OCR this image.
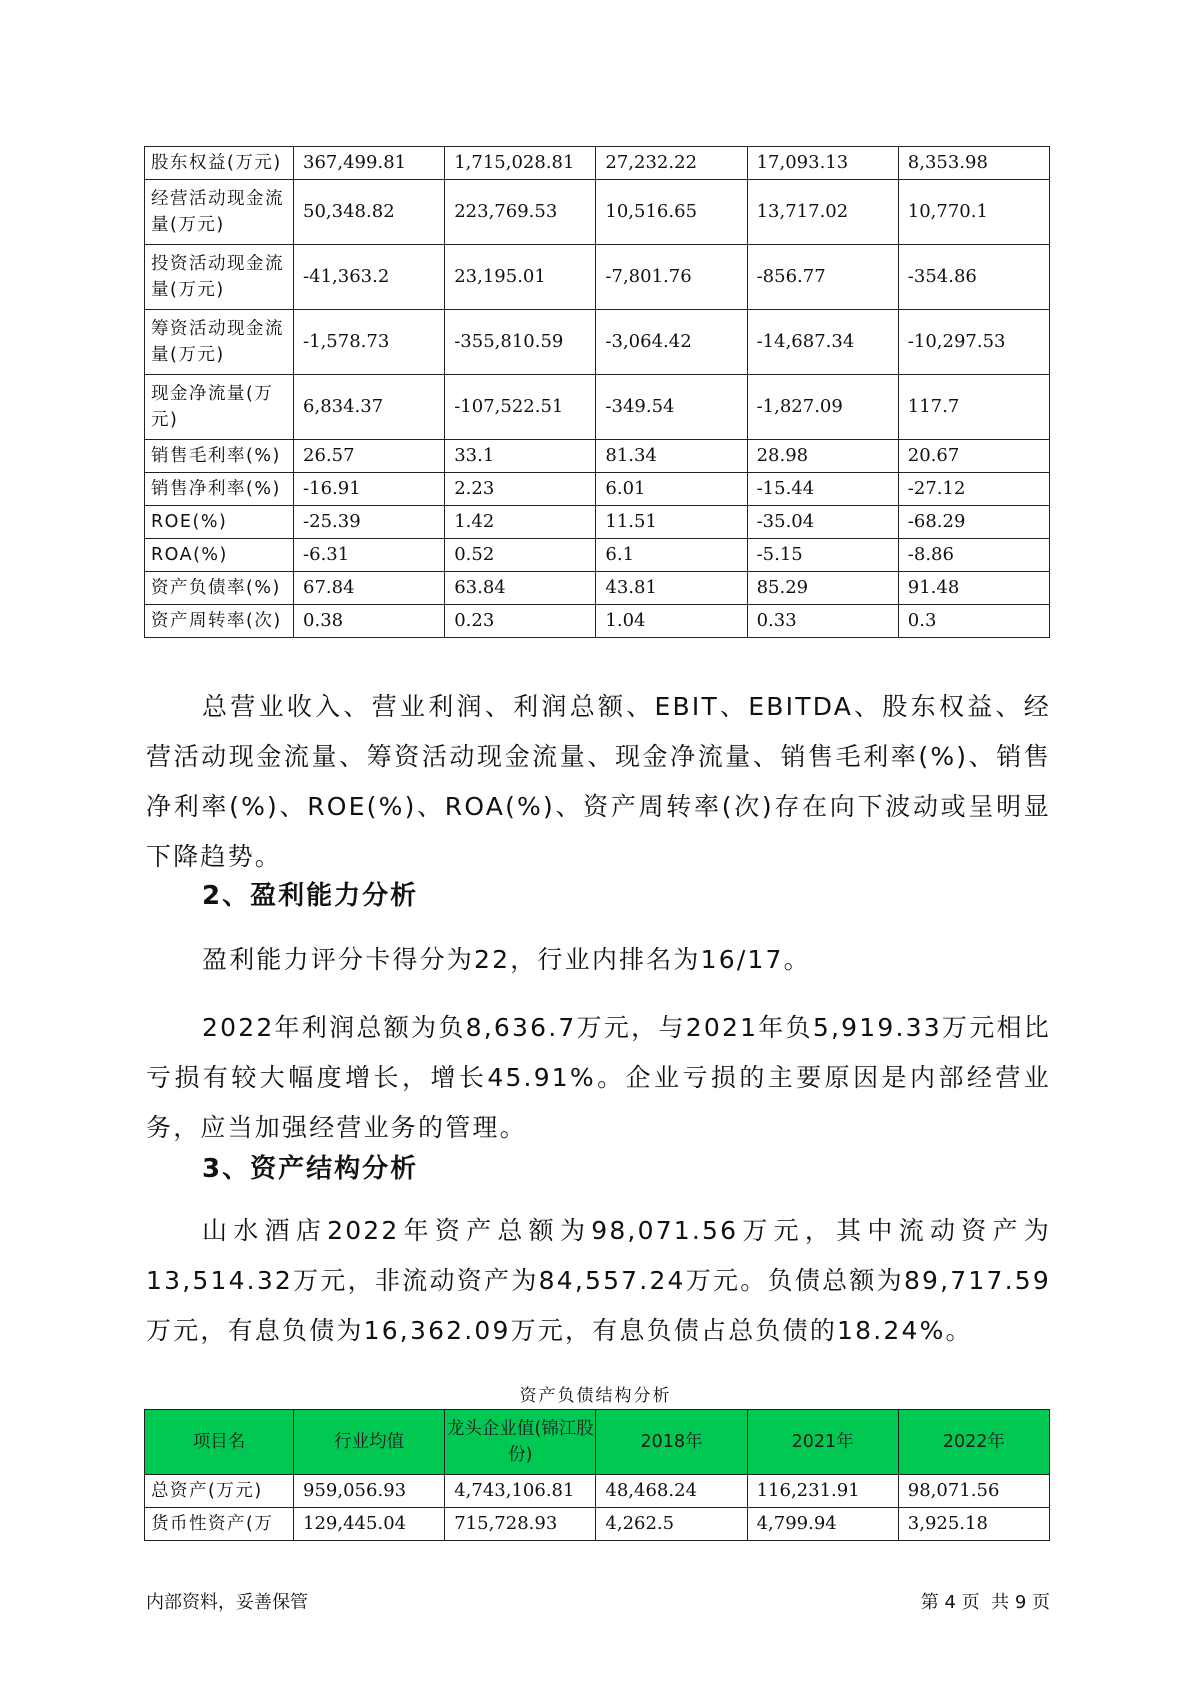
股东权益(万元)	367,499.81	1,715,028.81	27,232.22	17,093.13	8,353.98
经营活动现金流量(万元)	50,348.82	223,769.53	10,516.65	13,717.02	10,770.1
投资活动现金流量(万元)	-41,363.2	23,195.01	-7,801.76	-856.77	-354.86
筹资活动现金流量(万元)	-1,578.73	-355,810.59	-3,064.42	-14,687.34	-10,297.53
现金净流量(万元)	6,834.37	-107,522.51	-349.54	-1,827.09	117.7
销售毛利率(%)	26.57	33.1	81.34	28.98	20.67
销售净利率(%)	-16.91	2.23	6.01	-15.44	-27.12
ROE(%)	-25.39	1.42	11.51	-35.04	-68.29
ROA(%)	-6.31	0.52	6.1	-5.15	-8.86
资产负债率(%)	67.84	63.84	43.81	85.29	91.48
资产周转率(次)	0.38	0.23	1.04	0.33	0.3

总营业收入、营业利润、利润总额、EBIT、EBITDA、股东权益、经营活动现金流量、筹资活动现金流量、现金净流量、销售毛利率(%)、销售净利率(%)、ROE(%)、ROA(%)、资产周转率(次)存在向下波动或呈明显下降趋势。

2、盈利能力分析

盈利能力评分卡得分为22，行业内排名为16/17。

2022年利润总额为负8,636.7万元，与2021年负5,919.33万元相比亏损有较大幅度增长，增长45.91%。企业亏损的主要原因是内部经营业务，应当加强经营业务的管理。

3、资产结构分析

山水酒店2022年资产总额为98,071.56万元，其中流动资产为13,514.32万元，非流动资产为84,557.24万元。负债总额为89,717.59万元，有息负债为16,362.09万元，有息负债占总负债的18.24%。

资产负债结构分析
项目名	行业均值	龙头企业值(锦江股份)	2018年	2021年	2022年
总资产(万元)	959,056.93	4,743,106.81	48,468.24	116,231.91	98,071.56
货币性资产(万	129,445.04	715,728.93	4,262.5	4,799.94	3,925.18
内部资料，妥善保管	第 4 页  共 9 页
